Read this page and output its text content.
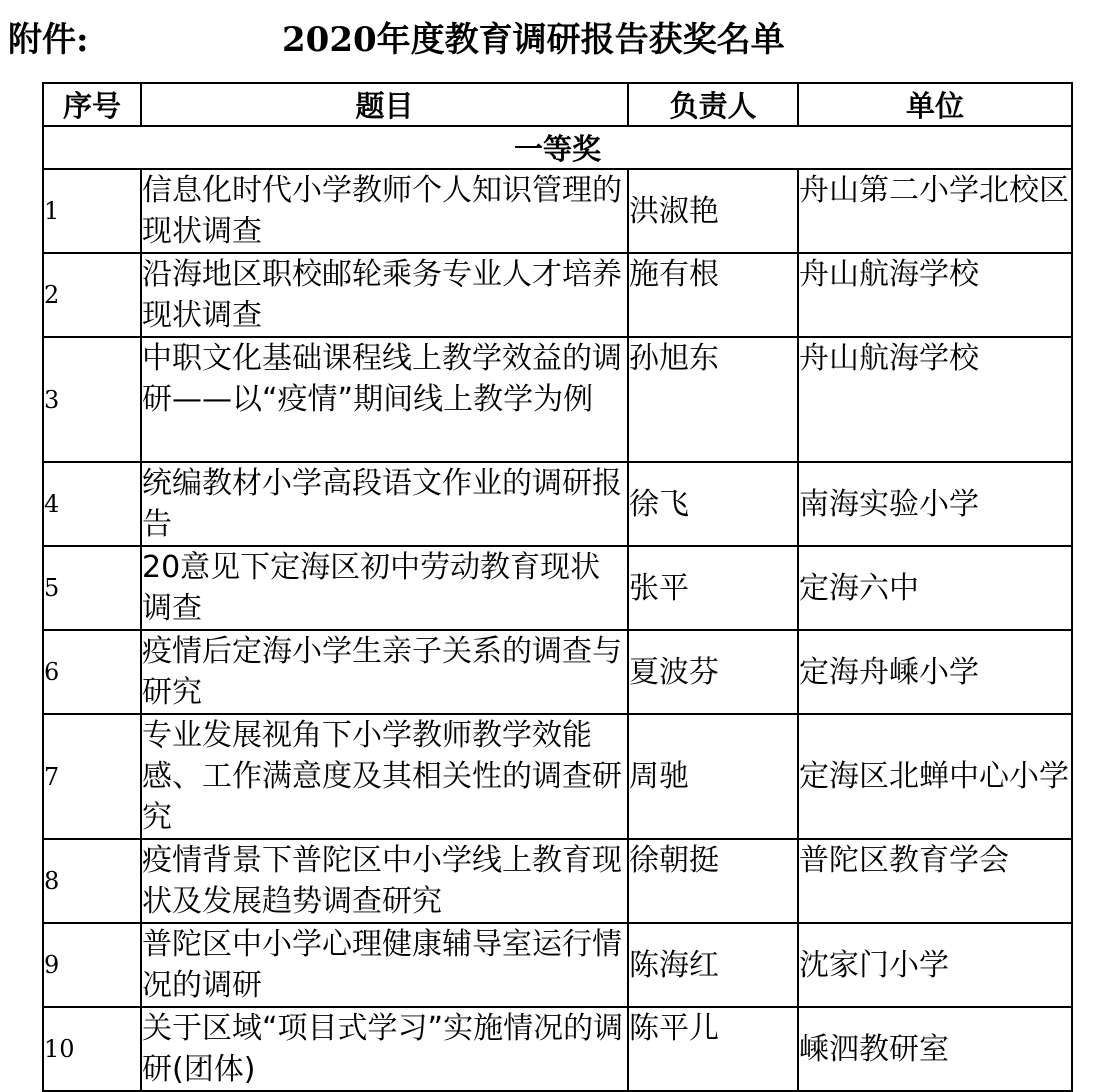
附件:	2020年度教育调研报告获奖名单
序号	题目	负责人	单位
一等奖			
1	信息化时代小学教师个人知识管理的现状调查	洪淑艳	舟山第二小学北校区
2	沿海地区职校邮轮乘务专业人才培养现状调查	施有根	舟山航海学校
3	中职文化基础课程线上教学效益的调研——以“疫情”期间线上教学为例	孙旭东	舟山航海学校
4	统编教材小学高段语文作业的调研报告	徐飞	南海实验小学
5	20意见下定海区初中劳动教育现状调查	张平	定海六中
6	疫情后定海小学生亲子关系的调查与研究	夏波芬	定海舟嵊小学
7	专业发展视角下小学教师教学效能感、工作满意度及其相关性的调查研究	周驰	定海区北蝉中心小学
8	疫情背景下普陀区中小学线上教育现状及发展趋势调查研究	徐朝挺	普陀区教育学会
9	普陀区中小学心理健康辅导室运行情况的调研	陈海红	沈家门小学
10	关于区域“项目式学习”实施情况的调研(团体)	陈平儿	嵊泗教研室
